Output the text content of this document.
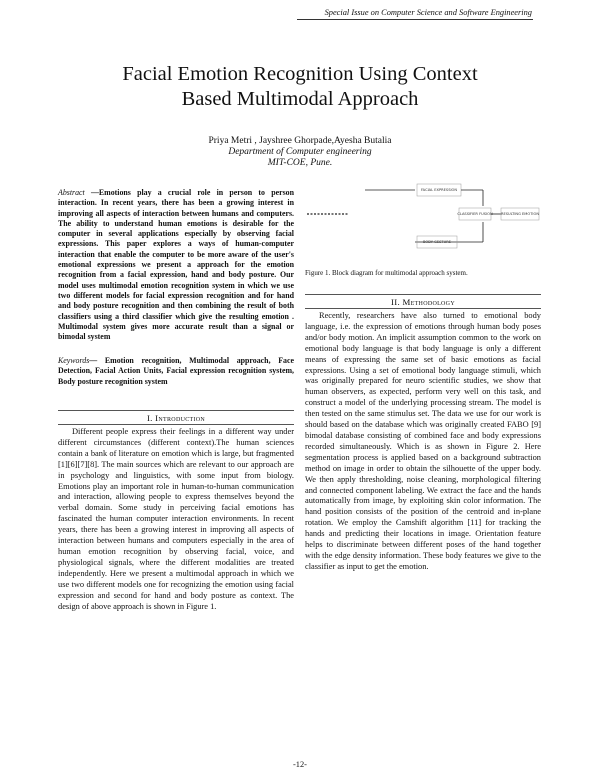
Special Issue on Computer Science and Software Engineering
Facial Emotion Recognition Using Context
Based Multimodal Approach
Priya Metri , Jayshree Ghorpade,Ayesha Butalia
Department of Computer engineering
MIT-COE, Pune.
Abstract —Emotions play a crucial role in person to person interaction. In recent years, there has been a growing interest in improving all aspects of interaction between humans and computers. The ability to understand human emotions is desirable for the computer in several applications especially by observing facial expressions. This paper explores a ways of human-computer interaction that enable the computer to be more aware of the user's emotional expressions we present a approach for the emotion recognition from a facial expression, hand and body posture. Our model uses multimodal emotion recognition system in which we use two different models for facial expression recognition and for hand and body posture recognition and then combining the result of both classifiers using a third classifier which give the resulting emotion . Multimodal system gives more accurate result than a signal or bimodal system
Keywords— Emotion recognition, Multimodal approach, Face Detection, Facial Action Units, Facial expression recognition system, Body posture recognition system
I. Introduction
Different people express their feelings in a different way under different circumstances (different context).The human sciences contain a bank of literature on emotion which is large, but fragmented [1][6][7][8]. The main sources which are relevant to our approach are in psychology and linguistics, with some input from biology. Emotions play an important role in human-to-human communication and interaction, allowing people to express themselves beyond the verbal domain. Some study in perceiving facial emotions has fascinated the human computer interaction environments. In recent years, there has been a growing interest in improving all aspects of interaction between humans and computers especially in the area of human emotion recognition by observing facial, voice, and physiological signals, where the different modalities are treated independently. Here we present a multimodal approach in which we use two different models one for recognizing the emotion using facial expression and second for hand and body posture as context. The design of above approach is shown in Figure 1.
FACIAL EXPRESSION
CLASSIFIER FUSION RESULTING EMOTION
BODY GESTURE
Figure 1. Block diagram for multimodal approach system.
II. Methodology
Recently, researchers have also turned to emotional body language, i.e. the expression of emotions through human body poses and/or body motion. An implicit assumption common to the work on emotional body language is that body language is only a different means of expressing the same set of basic emotions as facial expressions. Using a set of emotional body language stimuli, which was originally prepared for neuro scientific studies, we show that human observers, as expected, perform very well on this task, and construct a model of the underlying processing stream. The model is then tested on the same stimulus set. The data we use for our work is should based on the database which was originally created FABO [9] bimodal database consisting of combined face and body expressions recorded simultaneously. Which is as shown in Figure 2. Here segmentation process is applied based on a background subtraction method on image in order to obtain the silhouette of the upper body. We then apply thresholding, noise cleaning, morphological filtering and connected component labeling. We extract the face and the hands automatically from image, by exploiting skin color information. The hand position consists of the position of the centroid and in-plane rotation. We employ the Camshift algorithm [11] for tracking the hands and predicting their locations in image. Orientation feature helps to discriminate between different poses of the hand together with the edge density information. These body features we give to the classifier as input to get the emotion.
-12-
